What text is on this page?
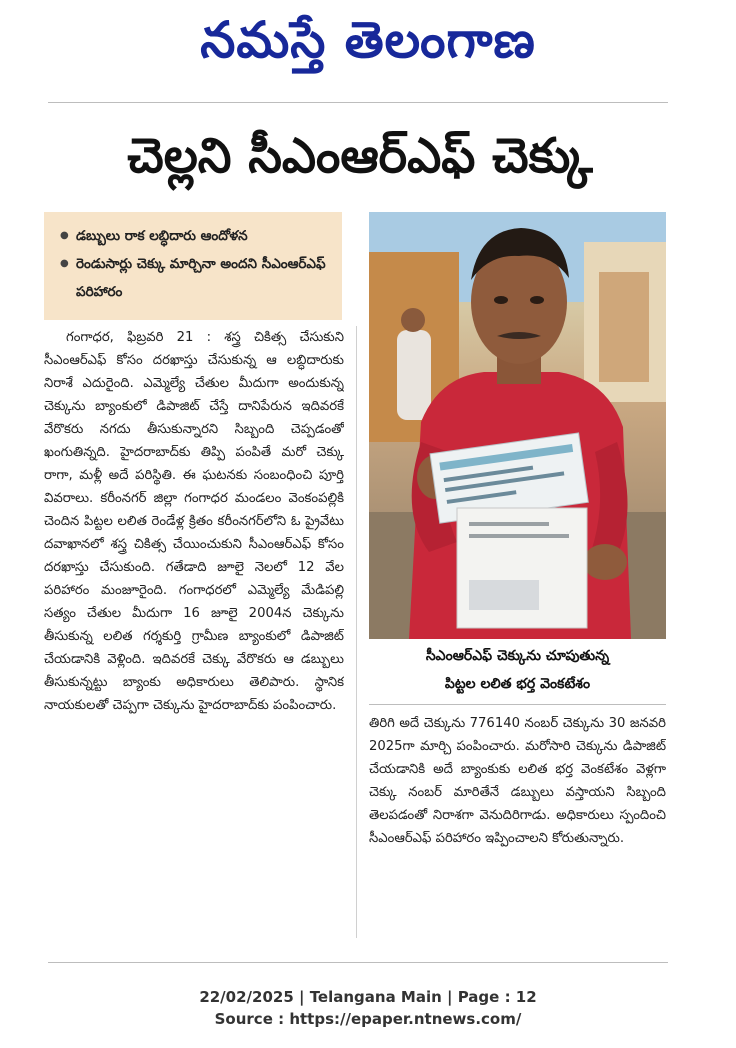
నమస్తే తెలంగాణ
చెల్లని సీఎంఆర్‌ఎఫ్ చెక్కు
● డబ్బులు రాక లబ్ధిదారు ఆందోళన
● రెండుసార్లు చెక్కు మార్చినా అందని సీఎంఆర్‌ఎఫ్ పరిహారం

గంగాధర, ఫిబ్రవరి 21 : శస్త్ర చికిత్స చేసుకుని సీఎంఆర్‌ఎఫ్ కోసం దరఖాస్తు చేసుకున్న ఆ లబ్ధిదారుకు నిరాశే ఎదురైంది. ఎమ్మెల్యే చేతుల మీదుగా అందుకున్న చెక్కును బ్యాంకులో డిపాజిట్ చేస్తే దానిపేరున ఇదివరకే వేరొకరు నగదు తీసుకున్నారని సిబ్బంది చెప్పడంతో ఖంగుతిన్నది. హైదరాబాద్‌కు తిప్పి పంపితే మరో చెక్కు రాగా, మళ్లీ అదే పరిస్థితి. ఈ ఘటనకు సంబంధించి పూర్తి వివరాలు. కరీంనగర్ జిల్లా గంగాధర మండలం వెంకంపల్లికి చెందిన పిట్టల లలిత రెండేళ్ల క్రితం కరీంనగర్‌లోని ఓ ప్రైవేటు దవాఖానలో శస్త్ర చికిత్స చేయించుకుని సీఎంఆర్‌ఎఫ్ కోసం దరఖాస్తు చేసుకుంది. గతేడాది జూలై నెలలో 12 వేల పరిహారం మంజూరైంది. గంగాధరలో ఎమ్మెల్యే మేడిపల్లి సత్యం చేతుల మీదుగా 16 జూలై 2004న చెక్కును తీసుకున్న లలిత గర్శకుర్తి గ్రామీణ బ్యాంకులో డిపాజిట్ చేయడానికి వెళ్లింది. ఇదివరకే చెక్కు వేరొకరు ఆ డబ్బులు తీసుకున్నట్టు బ్యాంకు అధికారులు తెలిపారు. స్థానిక నాయకులతో చెప్పగా చెక్కును హైదరాబాద్‌కు పంపించారు.

సీఎంఆర్‌ఎఫ్ చెక్కును చూపుతున్న
పిట్టల లలిత భర్త వెంకటేశం

తిరిగి అదే చెక్కును 776140 నంబర్ చెక్కును 30 జనవరి 2025గా మార్చి పంపించారు. మరోసారి చెక్కును డిపాజిట్ చేయడానికి అదే బ్యాంకుకు లలిత భర్త వెంకటేశం వెళ్లగా చెక్కు నంబర్ మారితేనే డబ్బులు వస్తాయని సిబ్బంది తెలపడంతో నిరాశగా వెనుదిరిగాడు. అధికారులు స్పందించి సీఎంఆర్‌ఎఫ్ పరిహారం ఇప్పించాలని కోరుతున్నారు.

22/02/2025 | Telangana Main | Page : 12
Source : https://epaper.ntnews.com/
